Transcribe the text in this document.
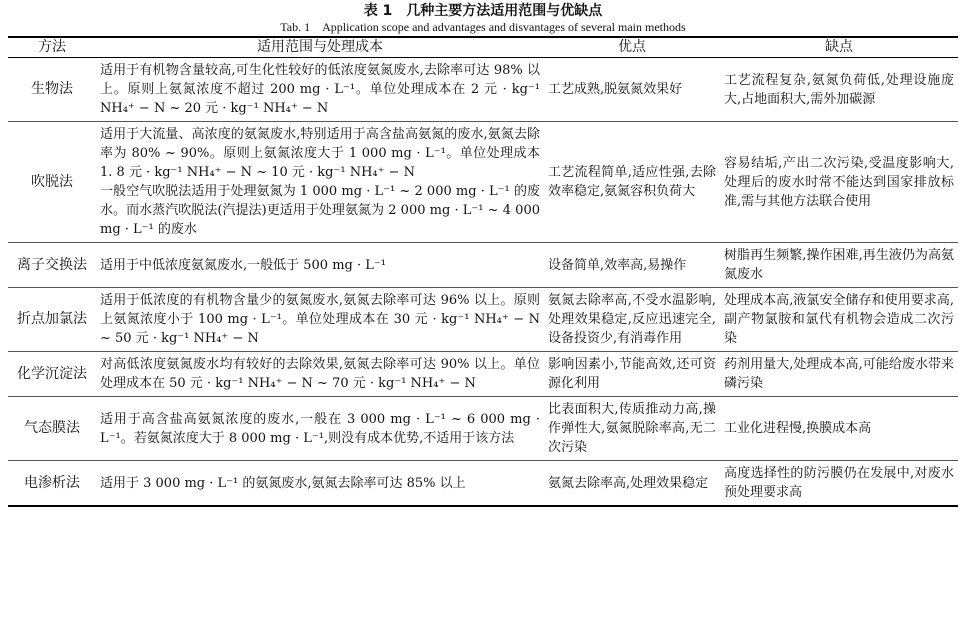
表 1　几种主要方法适用范围与优缺点
Tab. 1　Application scope and advantages and disvantages of several main methods
方法	适用范围与处理成本	优点	缺点
生物法	适用于有机物含量较高,可生化性较好的低浓度氨氮废水,去除率可达 98% 以上。原则上氨氮浓度不超过 200 mg · L⁻¹。单位处理成本在 2 元 · kg⁻¹ NH₄⁺ − N ~ 20 元 · kg⁻¹ NH₄⁺ − N	工艺成熟,脱氨氮效果好	工艺流程复杂,氨氮负荷低,处理设施庞大,占地面积大,需外加碳源
吹脱法	适用于大流量、高浓度的氨氮废水,特别适用于高含盐高氨氮的废水,氨氮去除率为 80% ~ 90%。原则上氨氮浓度大于 1 000 mg · L⁻¹。单位处理成本 1. 8 元 · kg⁻¹ NH₄⁺ − N ~ 10 元 · kg⁻¹ NH₄⁺ − N
一般空气吹脱法适用于处理氨氮为 1 000 mg · L⁻¹ ~ 2 000 mg · L⁻¹ 的废水。而水蒸汽吹脱法(汽提法)更适用于处理氨氮为 2 000 mg · L⁻¹ ~ 4 000 mg · L⁻¹ 的废水	工艺流程简单,适应性强,去除效率稳定,氨氮容积负荷大	容易结垢,产出二次污染,受温度影响大,处理后的废水时常不能达到国家排放标准,需与其他方法联合使用
离子交换法	适用于中低浓度氨氮废水,一般低于 500 mg · L⁻¹	设备简单,效率高,易操作	树脂再生频繁,操作困难,再生液仍为高氨氮废水
折点加氯法	适用于低浓度的有机物含量少的氨氮废水,氨氮去除率可达 96% 以上。原则上氨氮浓度小于 100 mg · L⁻¹。单位处理成本在 30 元 · kg⁻¹ NH₄⁺ − N ~ 50 元 · kg⁻¹ NH₄⁺ − N	氨氮去除率高,不受水温影响,处理效果稳定,反应迅速完全,设备投资少,有消毒作用	处理成本高,液氯安全储存和使用要求高,副产物氯胺和氯代有机物会造成二次污染
化学沉淀法	对高低浓度氨氮废水均有较好的去除效果,氨氮去除率可达 90% 以上。单位处理成本在 50 元 · kg⁻¹ NH₄⁺ − N ~ 70 元 · kg⁻¹ NH₄⁺ − N	影响因素小,节能高效,还可资源化利用	药剂用量大,处理成本高,可能给废水带来磷污染
气态膜法	适用于高含盐高氨氮浓度的废水,一般在 3 000 mg · L⁻¹ ~ 6 000 mg · L⁻¹。若氨氮浓度大于 8 000 mg · L⁻¹,则没有成本优势,不适用于该方法	比表面积大,传质推动力高,操作弹性大,氨氮脱除率高,无二次污染	工业化进程慢,换膜成本高
电渗析法	适用于 3 000 mg · L⁻¹ 的氨氮废水,氨氮去除率可达 85% 以上	氨氮去除率高,处理效果稳定	高度选择性的防污膜仍在发展中,对废水预处理要求高
